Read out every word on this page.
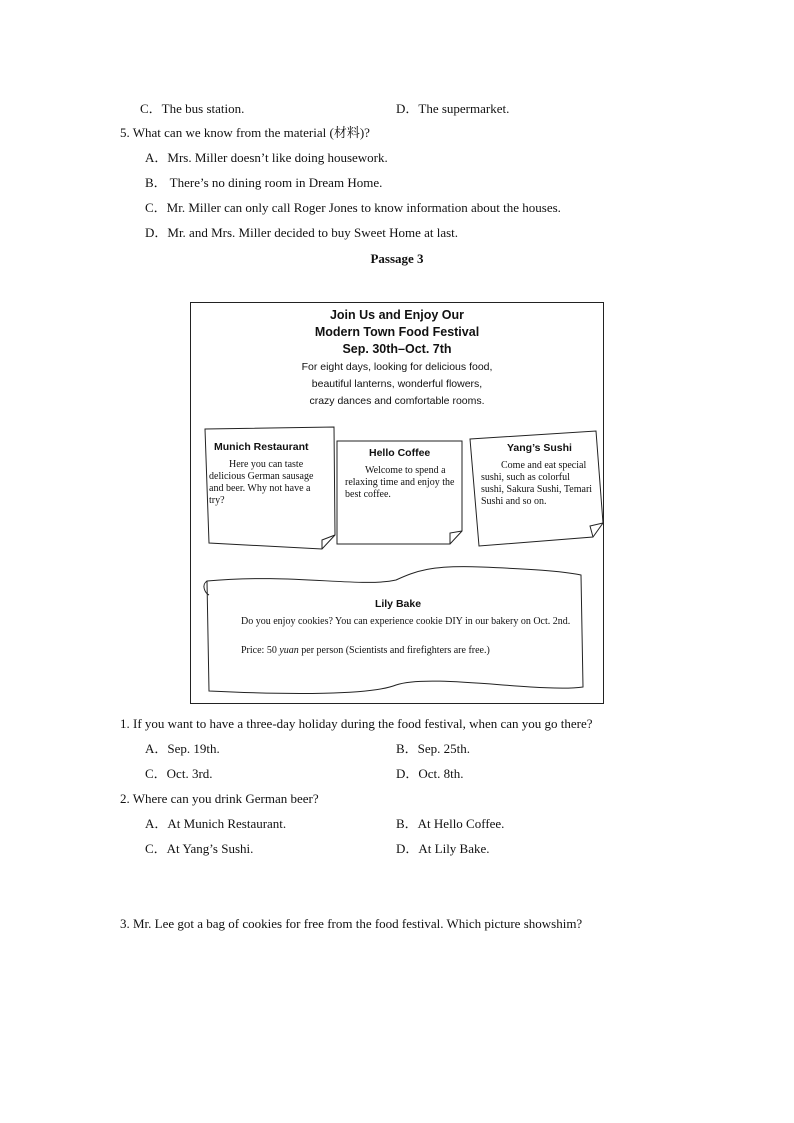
C．The bus station.	D．The supermarket.
5. What can we know from the material (材料)?
A．Mrs. Miller doesn’t like doing housework.
B． There’s no dining room in Dream Home.
C．Mr. Miller can only call Roger Jones to know information about the houses.
D．Mr. and Mrs. Miller decided to buy Sweet Home at last.
Passage 3
Join Us and Enjoy Our
Modern Town Food Festival
Sep. 30th–Oct. 7th
For eight days, looking for delicious food,
beautiful lanterns, wonderful flowers,
crazy dances and comfortable rooms.
Munich Restaurant	Hello Coffee	Yang’s Sushi
Lily Bake
Here you can taste delicious German sausage and beer. Why not have a try?
Welcome to spend a relaxing time and enjoy the best coffee.
Come and eat special sushi, such as colorful sushi, Sakura Sushi, Temari Sushi and so on.
Do you enjoy cookies? You can experience cookie DIY in our bakery on Oct. 2nd.
Price: 50 yuan per person (Scientists and firefighters are free.)
1. If you want to have a three-day holiday during the food festival, when can you go there?
A．Sep. 19th.	B．Sep. 25th.
C．Oct. 3rd.	D．Oct. 8th.
2. Where can you drink German beer?
A．At Munich Restaurant.	B．At Hello Coffee.
C．At Yang’s Sushi.	D．At Lily Bake.
3. Mr. Lee got a bag of cookies for free from the food festival. Which picture showshim?
